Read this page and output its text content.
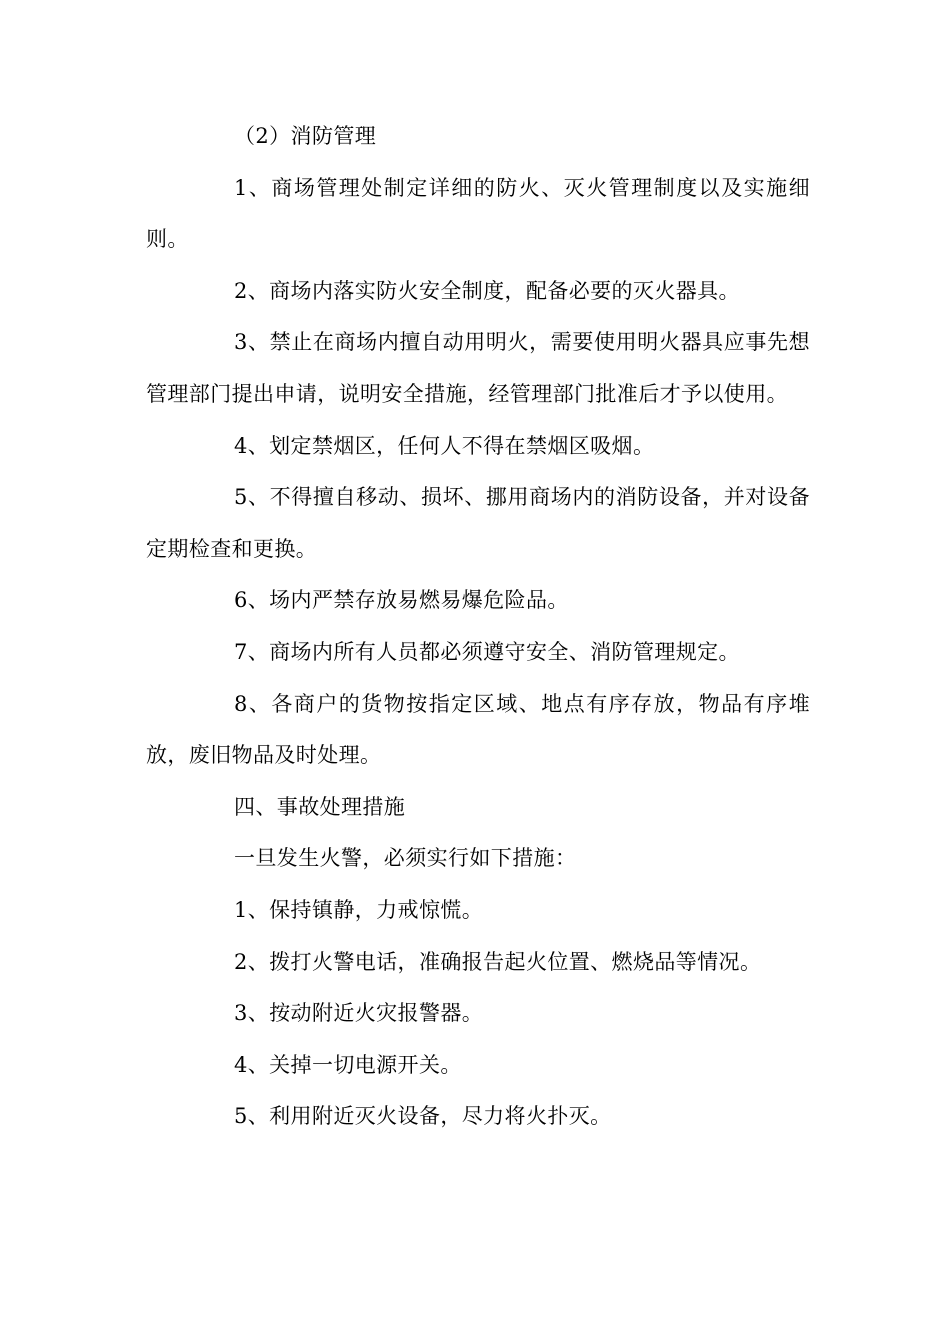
（2）消防管理

1、商场管理处制定详细的防火、灭火管理制度以及实施细则。

2、商场内落实防火安全制度，配备必要的灭火器具。

3、禁止在商场内擅自动用明火，需要使用明火器具应事先想管理部门提出申请，说明安全措施，经管理部门批准后才予以使用。

4、划定禁烟区，任何人不得在禁烟区吸烟。

5、不得擅自移动、损坏、挪用商场内的消防设备，并对设备定期检查和更换。

6、场内严禁存放易燃易爆危险品。

7、商场内所有人员都必须遵守安全、消防管理规定。

8、各商户的货物按指定区域、地点有序存放，物品有序堆放，废旧物品及时处理。

四、事故处理措施

一旦发生火警，必须实行如下措施：

1、保持镇静，力戒惊慌。

2、拨打火警电话，准确报告起火位置、燃烧品等情况。

3、按动附近火灾报警器。

4、关掉一切电源开关。

5、利用附近灭火设备，尽力将火扑灭。
